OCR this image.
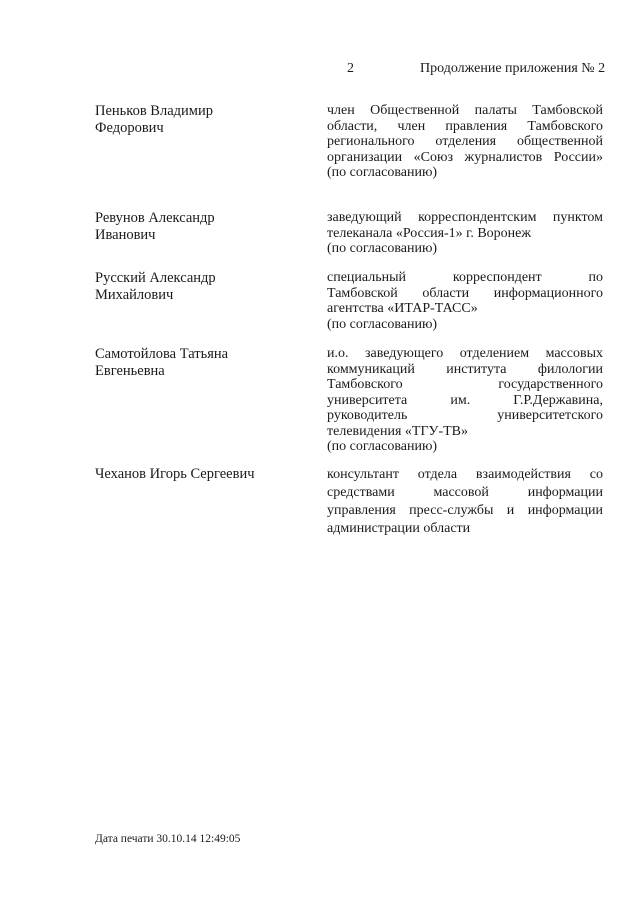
2	Продолжение приложения № 2
Пеньков Владимир
Федорович
член Общественной палаты Тамбовской
области, член правления Тамбовского
регионального отделения общественной
организации «Союз журналистов России»
(по согласованию)
Ревунов Александр
Иванович
заведующий корреспондентским пунктом
телеканала «Россия-1» г. Воронеж
(по согласованию)
Русский Александр
Михайлович
специальный корреспондент по
Тамбовской области информационного
агентства «ИТАР-ТАСС»
(по согласованию)
Самотойлова Татьяна
Евгеньевна
и.о. заведующего отделением массовых
коммуникаций института филологии
Тамбовского государственного
университета им. Г.Р.Державина,
руководитель университетского
телевидения «ТГУ-ТВ»
(по согласованию)
Чеханов Игорь Сергеевич	консультант отдела взаимодействия со
средствами массовой информации
управления пресс-службы и информации
администрации области
Дата печати 30.10.14 12:49:05
